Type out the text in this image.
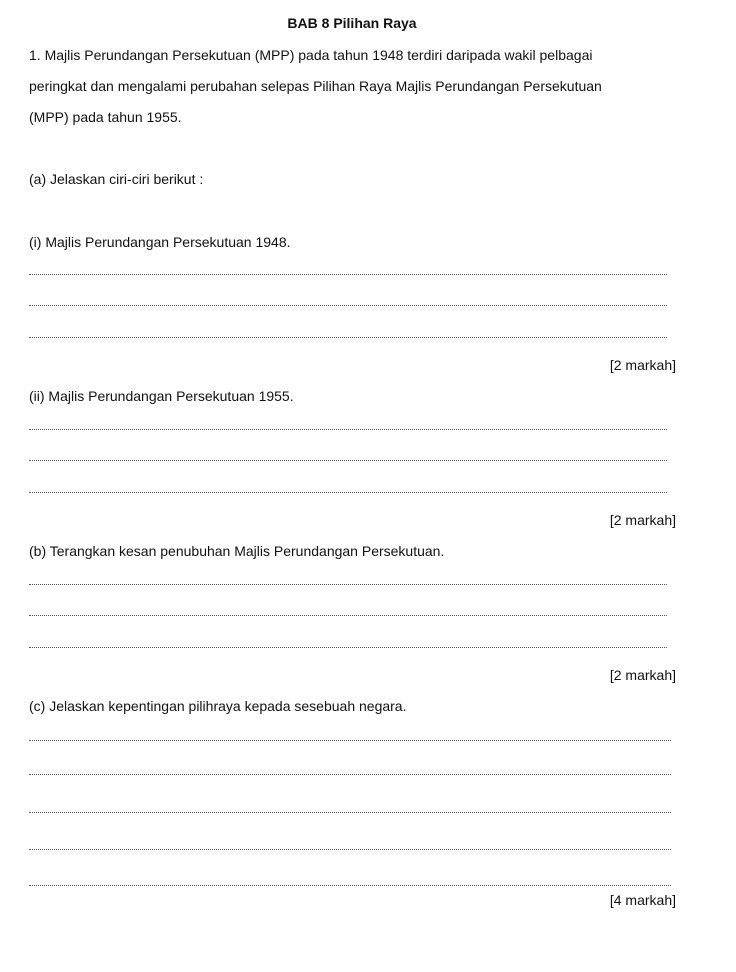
BAB 8 Pilihan Raya
1. Majlis Perundangan Persekutuan (MPP) pada tahun 1948 terdiri daripada wakil pelbagai
peringkat dan mengalami perubahan selepas Pilihan Raya Majlis Perundangan Persekutuan
(MPP) pada tahun 1955.
(a) Jelaskan ciri-ciri berikut :
(i) Majlis Perundangan Persekutuan 1948.
[2 markah]
(ii) Majlis Perundangan Persekutuan 1955.
[2 markah]
(b) Terangkan kesan penubuhan Majlis Perundangan Persekutuan.
[2 markah]
(c) Jelaskan kepentingan pilihraya kepada sesebuah negara.
[4 markah]
